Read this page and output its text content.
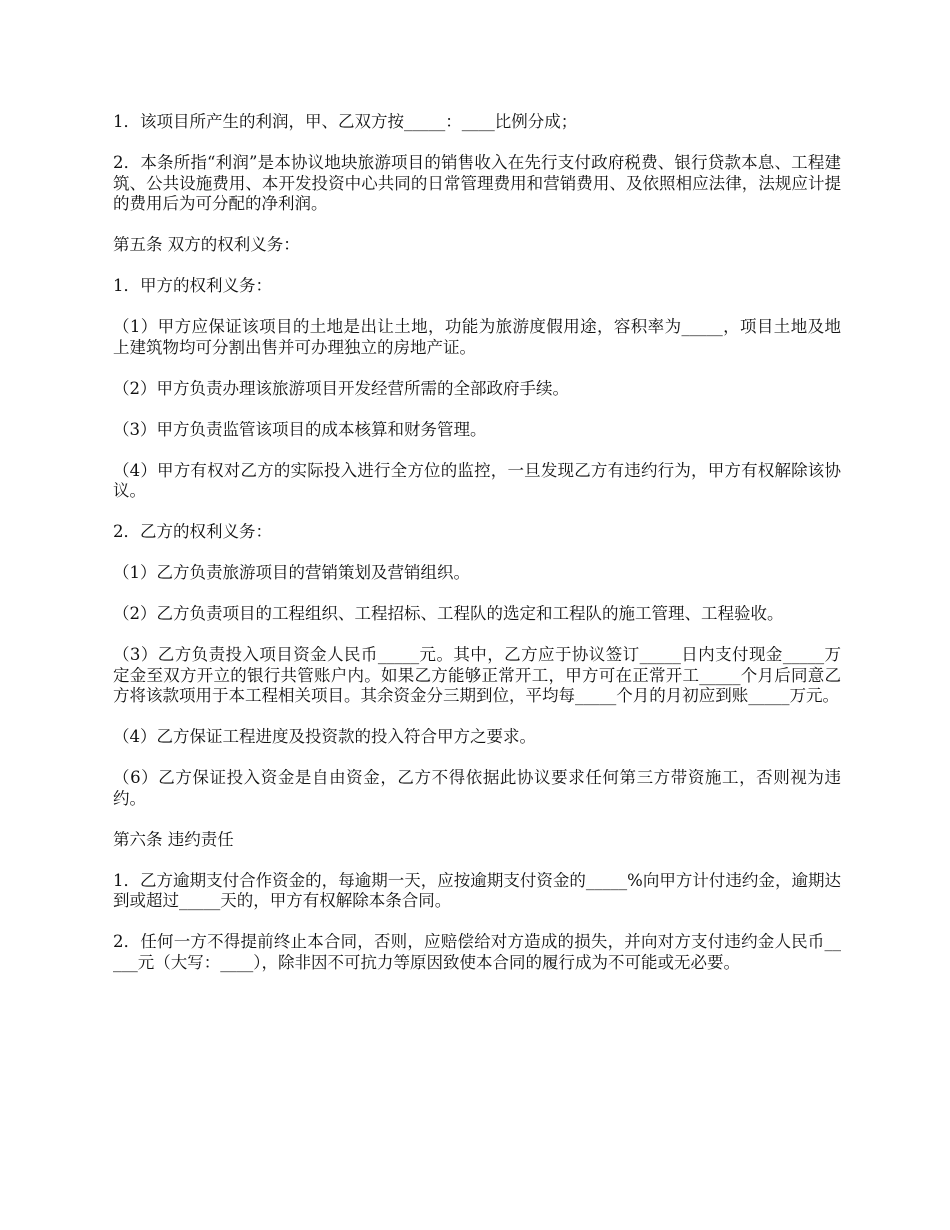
1．该项目所产生的利润，甲、乙双方按_____：____比例分成；

2．本条所指“利润”是本协议地块旅游项目的销售收入在先行支付政府税费、银行贷款本息、工程建筑、公共设施费用、本开发投资中心共同的日常管理费用和营销费用、及依照相应法律，法规应计提的费用后为可分配的净利润。

第五条 双方的权利义务：

1．甲方的权利义务：

（1）甲方应保证该项目的土地是出让土地，功能为旅游度假用途，容积率为_____，项目土地及地上建筑物均可分割出售并可办理独立的房地产证。

（2）甲方负责办理该旅游项目开发经营所需的全部政府手续。

（3）甲方负责监管该项目的成本核算和财务管理。

（4）甲方有权对乙方的实际投入进行全方位的监控，一旦发现乙方有违约行为，甲方有权解除该协议。

2．乙方的权利义务：

（1）乙方负责旅游项目的营销策划及营销组织。

（2）乙方负责项目的工程组织、工程招标、工程队的选定和工程队的施工管理、工程验收。

（3）乙方负责投入项目资金人民币_____元。其中，乙方应于协议签订_____日内支付现金_____万定金至双方开立的银行共管账户内。如果乙方能够正常开工，甲方可在正常开工_____个月后同意乙方将该款项用于本工程相关项目。其余资金分三期到位，平均每_____个月的月初应到账_____万元。

（4）乙方保证工程进度及投资款的投入符合甲方之要求。

（6）乙方保证投入资金是自由资金，乙方不得依据此协议要求任何第三方带资施工，否则视为违约。

第六条 违约责任

1．乙方逾期支付合作资金的，每逾期一天，应按逾期支付资金的_____%向甲方计付违约金，逾期达到或超过_____天的，甲方有权解除本条合同。

2．任何一方不得提前终止本合同，否则，应赔偿给对方造成的损失，并向对方支付违约金人民币_____元（大写：____），除非因不可抗力等原因致使本合同的履行成为不可能或无必要。
